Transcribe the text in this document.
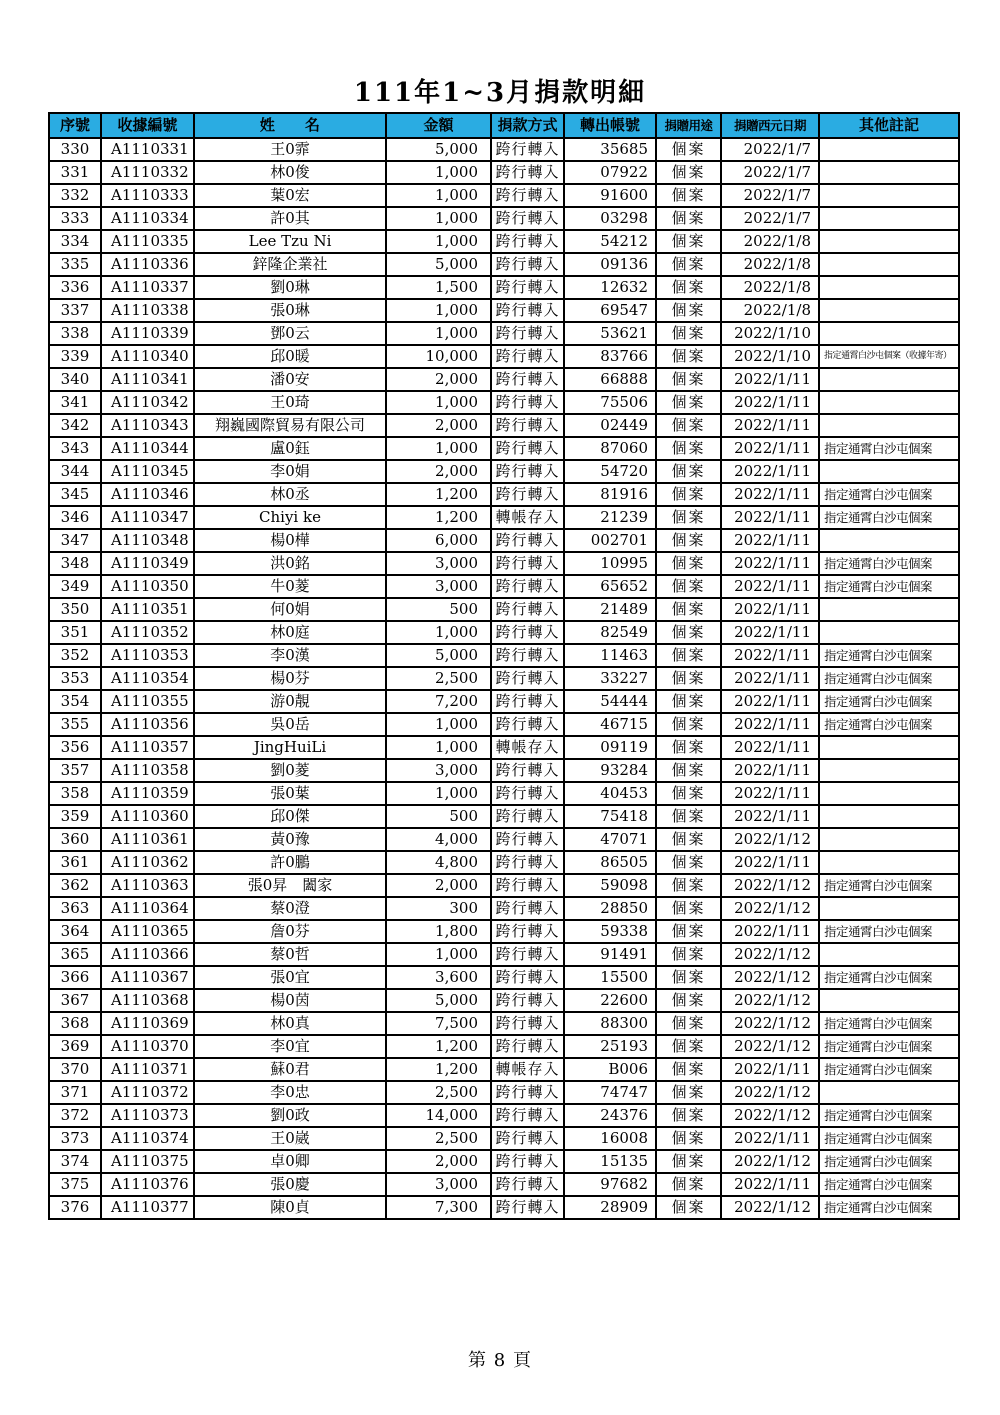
111年1~3月捐款明細
序號	收據編號	姓　　名	金額	捐款方式	轉出帳號	捐贈用途	捐贈西元日期	其他註記
330	A1110331	王0霏	5,000	跨行轉入	35685	個案	2022/1/7	
331	A1110332	林0俊	1,000	跨行轉入	07922	個案	2022/1/7	
332	A1110333	葉0宏	1,000	跨行轉入	91600	個案	2022/1/7	
333	A1110334	許0其	1,000	跨行轉入	03298	個案	2022/1/7	
334	A1110335	Lee Tzu Ni	1,000	跨行轉入	54212	個案	2022/1/8	
335	A1110336	鋅隆企業社	5,000	跨行轉入	09136	個案	2022/1/8	
336	A1110337	劉0琳	1,500	跨行轉入	12632	個案	2022/1/8	
337	A1110338	張0琳	1,000	跨行轉入	69547	個案	2022/1/8	
338	A1110339	鄧0云	1,000	跨行轉入	53621	個案	2022/1/10	
339	A1110340	邱0暖	10,000	跨行轉入	83766	個案	2022/1/10	指定通霄白沙屯個案（收據年寄）
340	A1110341	潘0安	2,000	跨行轉入	66888	個案	2022/1/11	
341	A1110342	王0琦	1,000	跨行轉入	75506	個案	2022/1/11	
342	A1110343	翔巍國際貿易有限公司	2,000	跨行轉入	02449	個案	2022/1/11	
343	A1110344	盧0鈺	1,000	跨行轉入	87060	個案	2022/1/11	指定通霄白沙屯個案
344	A1110345	李0娟	2,000	跨行轉入	54720	個案	2022/1/11	
345	A1110346	林0丞	1,200	跨行轉入	81916	個案	2022/1/11	指定通霄白沙屯個案
346	A1110347	Chiyi ke	1,200	轉帳存入	21239	個案	2022/1/11	指定通霄白沙屯個案
347	A1110348	楊0樺	6,000	跨行轉入	002701	個案	2022/1/11	
348	A1110349	洪0銘	3,000	跨行轉入	10995	個案	2022/1/11	指定通霄白沙屯個案
349	A1110350	牛0菱	3,000	跨行轉入	65652	個案	2022/1/11	指定通霄白沙屯個案
350	A1110351	何0娟	500	跨行轉入	21489	個案	2022/1/11	
351	A1110352	林0庭	1,000	跨行轉入	82549	個案	2022/1/11	
352	A1110353	李0漢	5,000	跨行轉入	11463	個案	2022/1/11	指定通霄白沙屯個案
353	A1110354	楊0芬	2,500	跨行轉入	33227	個案	2022/1/11	指定通霄白沙屯個案
354	A1110355	游0靚	7,200	跨行轉入	54444	個案	2022/1/11	指定通霄白沙屯個案
355	A1110356	吳0岳	1,000	跨行轉入	46715	個案	2022/1/11	指定通霄白沙屯個案
356	A1110357	JingHuiLi	1,000	轉帳存入	09119	個案	2022/1/11	
357	A1110358	劉0菱	3,000	跨行轉入	93284	個案	2022/1/11	
358	A1110359	張0葉	1,000	跨行轉入	40453	個案	2022/1/11	
359	A1110360	邱0傑	500	跨行轉入	75418	個案	2022/1/11	
360	A1110361	黃0豫	4,000	跨行轉入	47071	個案	2022/1/12	
361	A1110362	許0鵬	4,800	跨行轉入	86505	個案	2022/1/11	
362	A1110363	張0昇　闔家	2,000	跨行轉入	59098	個案	2022/1/12	指定通霄白沙屯個案
363	A1110364	蔡0澄	300	跨行轉入	28850	個案	2022/1/12	
364	A1110365	詹0芬	1,800	跨行轉入	59338	個案	2022/1/11	指定通霄白沙屯個案
365	A1110366	蔡0哲	1,000	跨行轉入	91491	個案	2022/1/12	
366	A1110367	張0宜	3,600	跨行轉入	15500	個案	2022/1/12	指定通霄白沙屯個案
367	A1110368	楊0茵	5,000	跨行轉入	22600	個案	2022/1/12	
368	A1110369	林0真	7,500	跨行轉入	88300	個案	2022/1/12	指定通霄白沙屯個案
369	A1110370	李0宜	1,200	跨行轉入	25193	個案	2022/1/12	指定通霄白沙屯個案
370	A1110371	蘇0君	1,200	轉帳存入	B006	個案	2022/1/11	指定通霄白沙屯個案
371	A1110372	李0忠	2,500	跨行轉入	74747	個案	2022/1/12	
372	A1110373	劉0政	14,000	跨行轉入	24376	個案	2022/1/12	指定通霄白沙屯個案
373	A1110374	王0崴	2,500	跨行轉入	16008	個案	2022/1/11	指定通霄白沙屯個案
374	A1110375	卓0卿	2,000	跨行轉入	15135	個案	2022/1/12	指定通霄白沙屯個案
375	A1110376	張0慶	3,000	跨行轉入	97682	個案	2022/1/11	指定通霄白沙屯個案
376	A1110377	陳0貞	7,300	跨行轉入	28909	個案	2022/1/12	指定通霄白沙屯個案
第 8 頁
